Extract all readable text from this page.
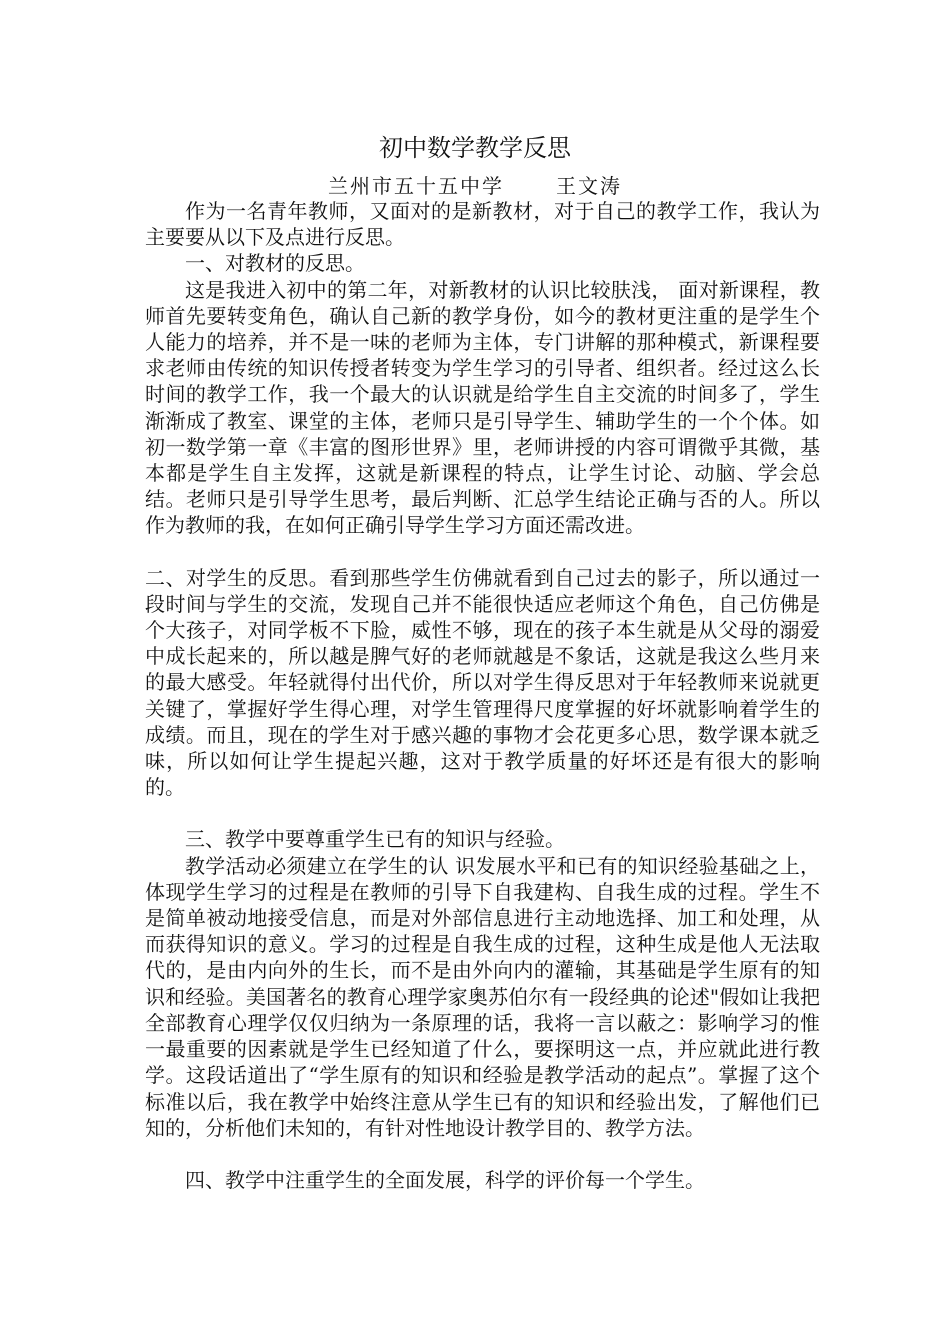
初中数学教学反思
兰州市五十五中学	王文涛

作为一名青年教师，又面对的是新教材，对于自己的教学工作，我认为主要要从以下及点进行反思。

一、对教材的反思。

这是我进入初中的第二年，对新教材的认识比较肤浅， 面对新课程，教师首先要转变角色，确认自己新的教学身份，如今的教材更注重的是学生个人能力的培养，并不是一味的老师为主体，专门讲解的那种模式，新课程要求老师由传统的知识传授者转变为学生学习的引导者、组织者。经过这么长时间的教学工作，我一个最大的认识就是给学生自主交流的时间多了，学生渐渐成了教室、课堂的主体，老师只是引导学生、辅助学生的一个个体。如初一数学第一章《丰富的图形世界》里，老师讲授的内容可谓微乎其微，基本都是学生自主发挥，这就是新课程的特点，让学生讨论、动脑、学会总结。老师只是引导学生思考，最后判断、汇总学生结论正确与否的人。所以作为教师的我，在如何正确引导学生学习方面还需改进。

二、对学生的反思。看到那些学生仿佛就看到自己过去的影子，所以通过一段时间与学生的交流，发现自己并不能很快适应老师这个角色，自己仿佛是个大孩子，对同学板不下脸，威性不够，现在的孩子本生就是从父母的溺爱中成长起来的，所以越是脾气好的老师就越是不象话，这就是我这么些月来的最大感受。年轻就得付出代价，所以对学生得反思对于年轻教师来说就更关键了，掌握好学生得心理，对学生管理得尺度掌握的好坏就影响着学生的成绩。而且，现在的学生对于感兴趣的事物才会花更多心思，数学课本就乏味，所以如何让学生提起兴趣，这对于教学质量的好坏还是有很大的影响的。

三、教学中要尊重学生已有的知识与经验。

教学活动必须建立在学生的认 识发展水平和已有的知识经验基础之上，体现学生学习的过程是在教师的引导下自我建构、自我生成的过程。学生不是简单被动地接受信息，而是对外部信息进行主动地选择、加工和处理，从而获得知识的意义。学习的过程是自我生成的过程，这种生成是他人无法取代的，是由内向外的生长，而不是由外向内的灌输，其基础是学生原有的知识和经验。美国著名的教育心理学家奥苏伯尔有一段经典的论述"假如让我把全部教育心理学仅仅归纳为一条原理的话，我将一言以蔽之：影响学习的惟一最重要的因素就是学生已经知道了什么，要探明这一点，并应就此进行教学。这段话道出了“学生原有的知识和经验是教学活动的起点”。掌握了这个标准以后，我在教学中始终注意从学生已有的知识和经验出发，了解他们已知的，分析他们未知的，有针对性地设计教学目的、教学方法。

四、教学中注重学生的全面发展，科学的评价每一个学生。
